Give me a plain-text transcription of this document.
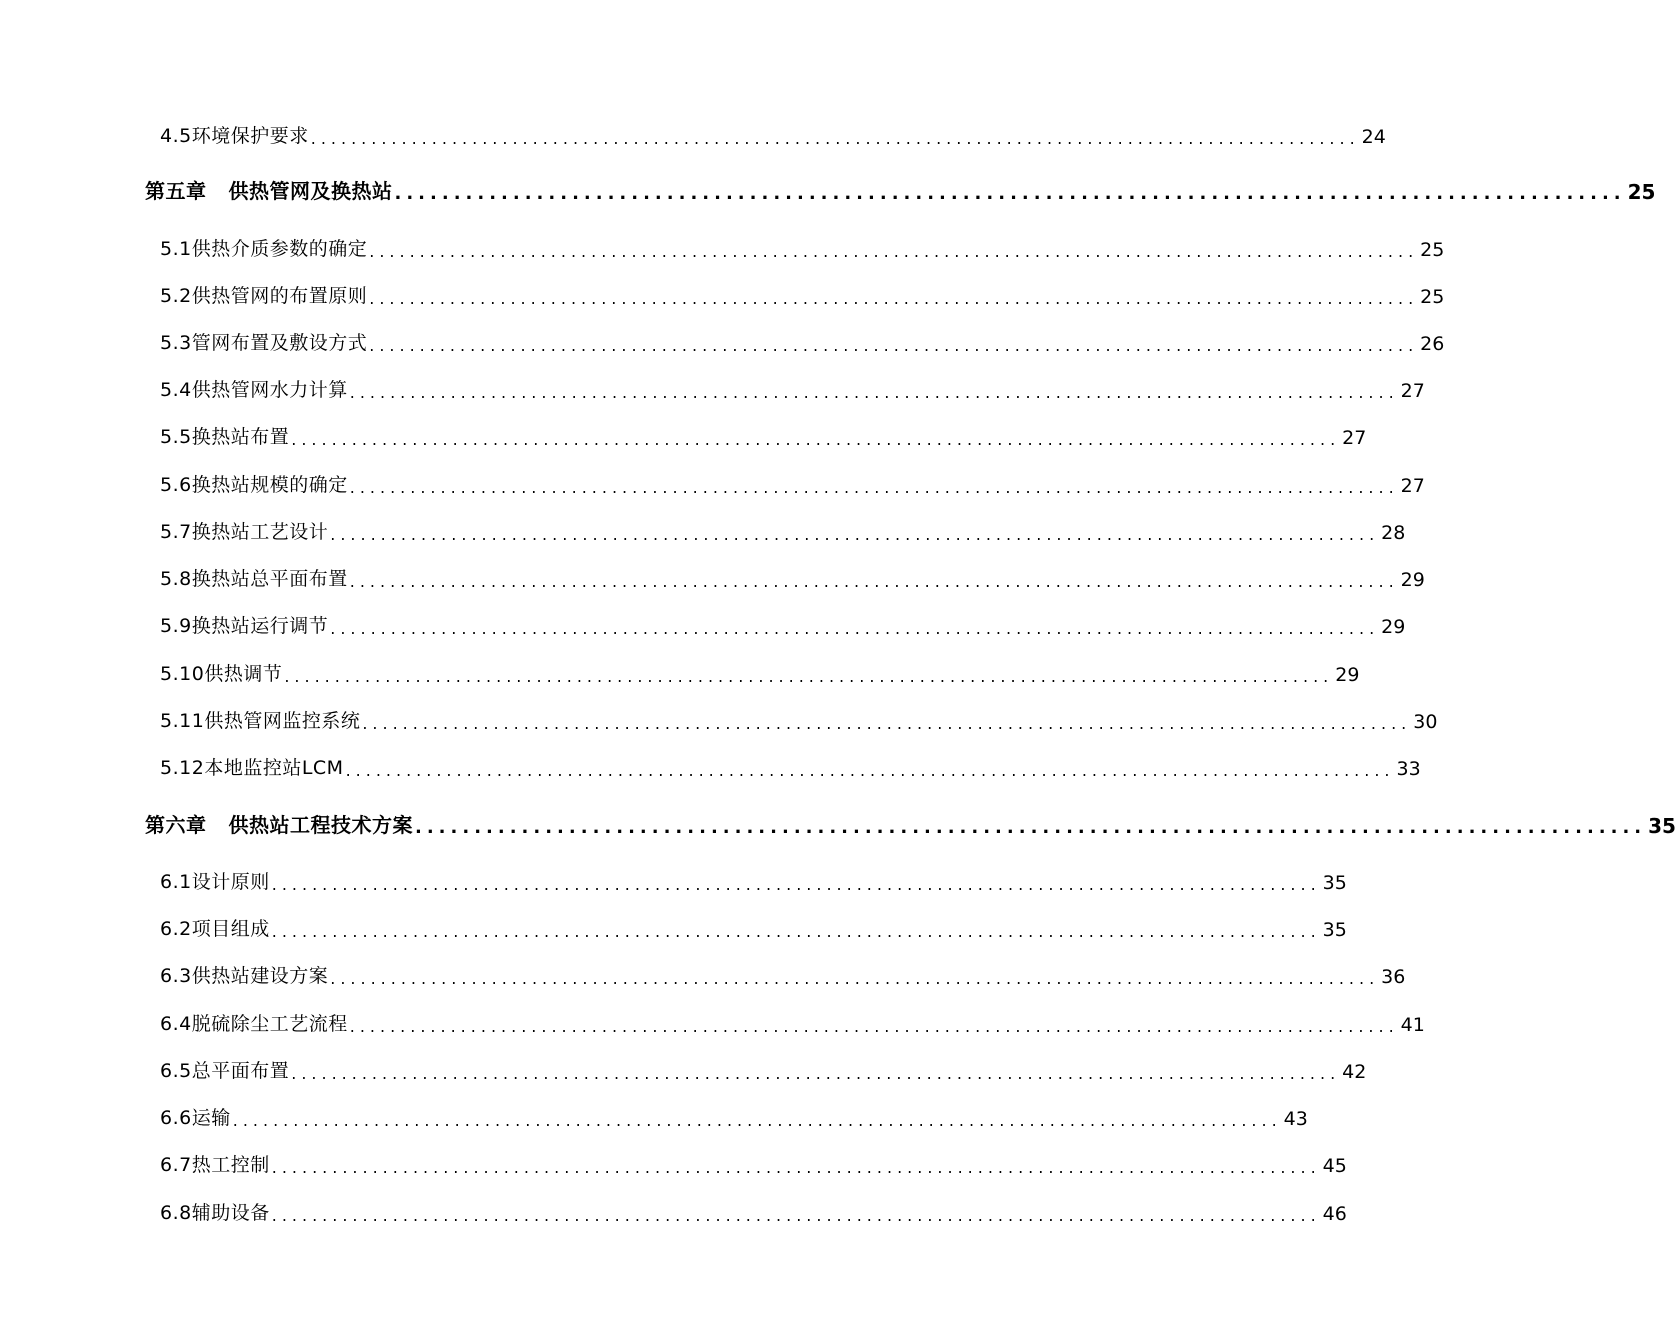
4.5环境保护要求 ........................................................................................................ 24
第五章 供热管网及换热站 ........................................................................................................ 25
5.1供热介质参数的确定 ........................................................................................................ 25
5.2供热管网的布置原则 ........................................................................................................ 25
5.3管网布置及敷设方式 ........................................................................................................ 26
5.4供热管网水力计算 ........................................................................................................ 27
5.5换热站布置 ........................................................................................................ 27
5.6换热站规模的确定 ........................................................................................................ 27
5.7换热站工艺设计 ........................................................................................................ 28
5.8换热站总平面布置 ........................................................................................................ 29
5.9换热站运行调节 ........................................................................................................ 29
5.10供热调节 ........................................................................................................ 29
5.11供热管网监控系统 ........................................................................................................ 30
5.12本地监控站LCM ........................................................................................................ 33
第六章 供热站工程技术方案 ........................................................................................................ 35
6.1设计原则 ........................................................................................................ 35
6.2项目组成 ........................................................................................................ 35
6.3供热站建设方案 ........................................................................................................ 36
6.4脱硫除尘工艺流程 ........................................................................................................ 41
6.5总平面布置 ........................................................................................................ 42
6.6运输 ........................................................................................................ 43
6.7热工控制 ........................................................................................................ 45
6.8辅助设备 ........................................................................................................ 46
